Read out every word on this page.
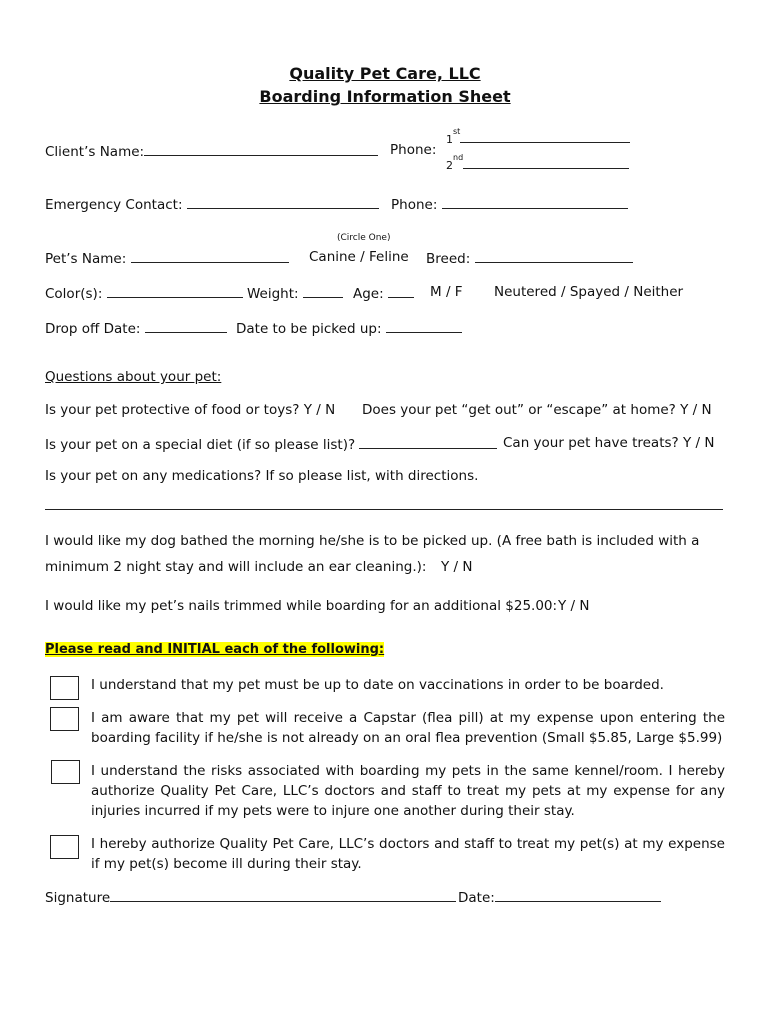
Quality Pet Care, LLC
Boarding Information Sheet
Client’s Name:	Phone:
1st
2nd
Emergency Contact:	Phone:
(Circle One)
Pet’s Name:	Canine / Feline Breed:
Color(s):	Weight:	Age:	M / F Neutered / Spayed / Neither
Drop off Date:	Date to be picked up:
Questions about your pet:
Is your pet protective of food or toys? Y / N Does your pet “get out” or “escape” at home? Y / N
Is your pet on a special diet (if so please list)?	Can your pet have treats? Y / N
Is your pet on any medications? If so please list, with directions.
I would like my dog bathed the morning he/she is to be picked up. (A free bath is included with a
minimum 2 night stay and will include an ear cleaning.): Y / N
I would like my pet’s nails trimmed while boarding for an additional $25.00: Y / N
Please read and INITIAL each of the following:
I understand that my pet must be up to date on vaccinations in order to be boarded.
I am aware that my pet will receive a Capstar (flea pill) at my expense upon entering the boarding facility if he/she is not already on an oral flea prevention (Small $5.85, Large $5.99)
I understand the risks associated with boarding my pets in the same kennel/room. I hereby authorize Quality Pet Care, LLC’s doctors and staff to treat my pets at my expense for any injuries incurred if my pets were to injure one another during their stay.
I hereby authorize Quality Pet Care, LLC’s doctors and staff to treat my pet(s) at my expense if my pet(s) become ill during their stay.
Signature	Date:
